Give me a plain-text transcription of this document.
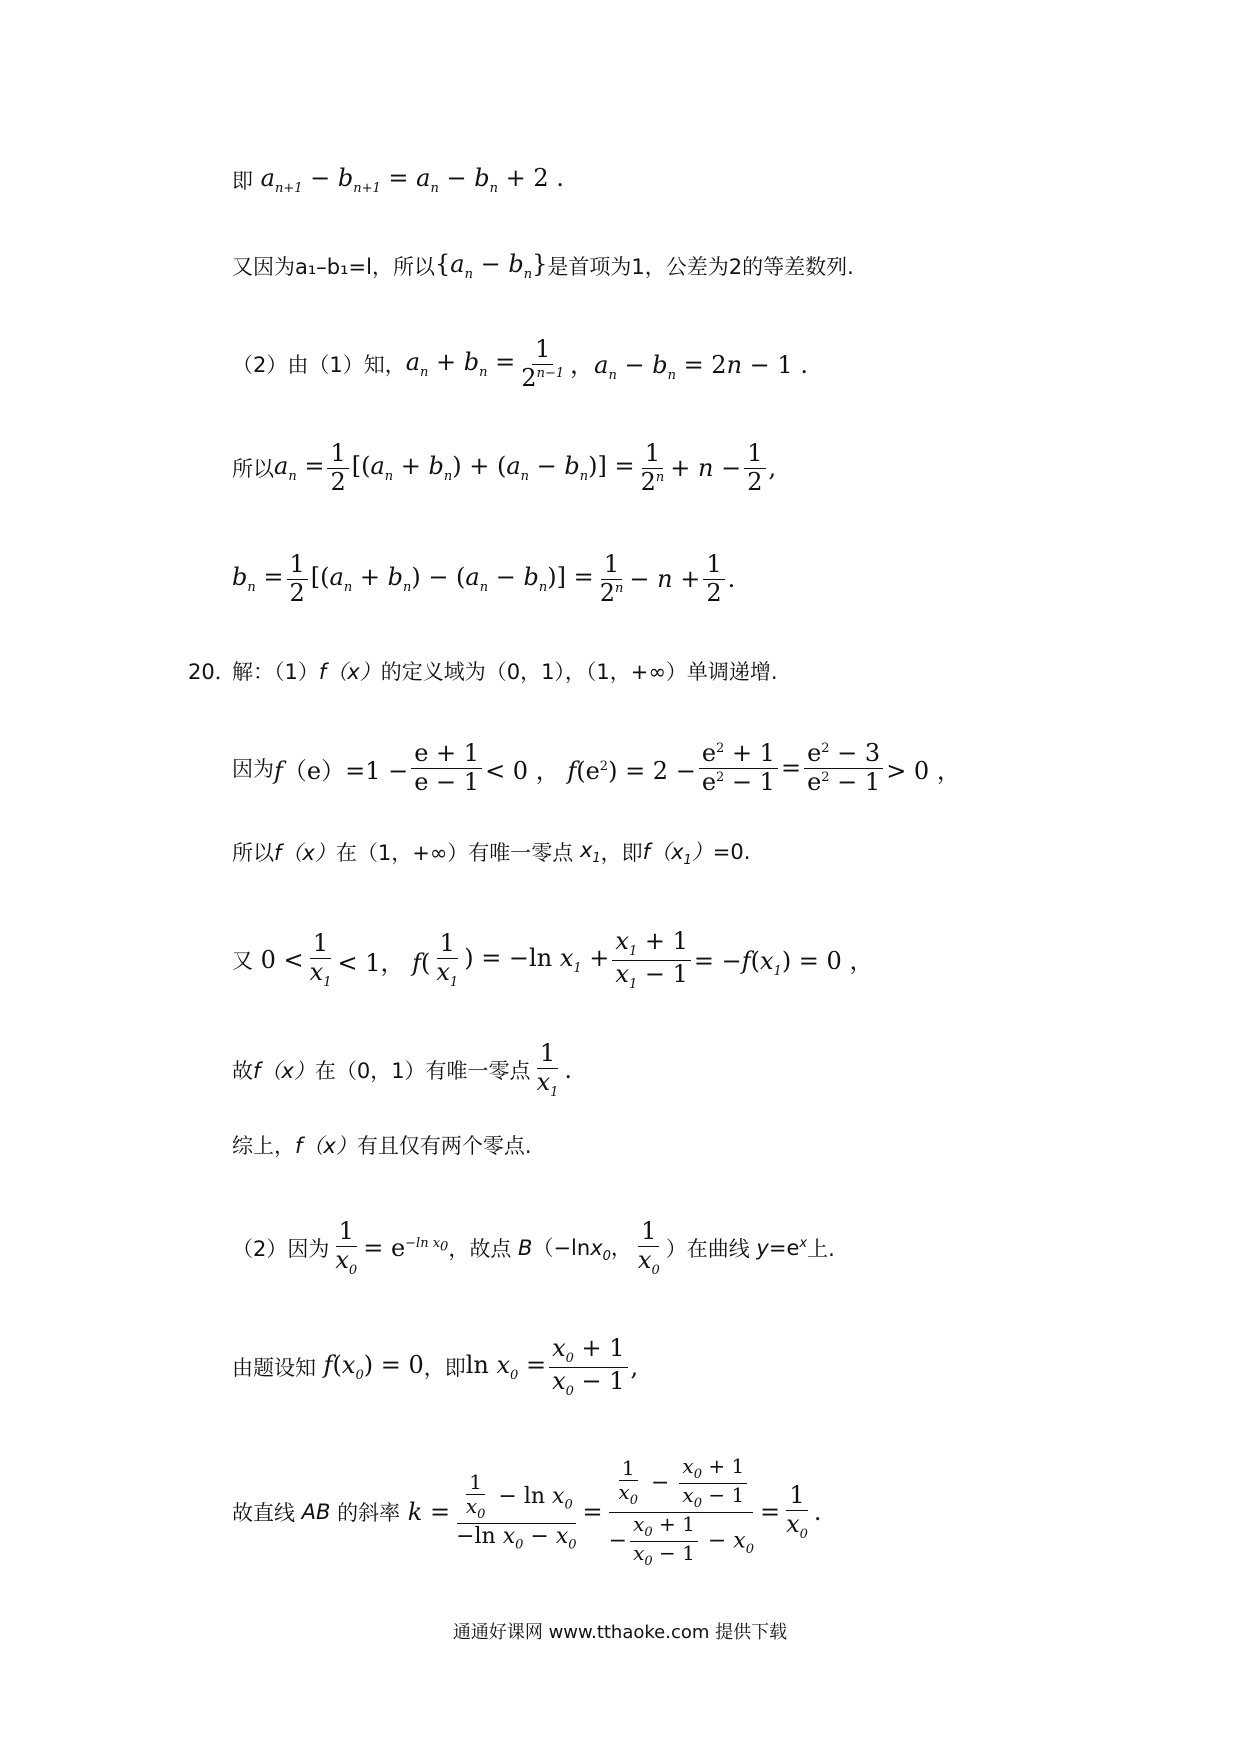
即 $a_{n+1} - b_{n+1} = a_n - b_n + 2$ .
又因为a₁–b₁=l，所以 $\{a_n - b_n\}$ 是首项为1，公差为2的等差数列.
（2）由（1）知， $a_n + b_n = \frac{1}{2^{n-1}}$ ，$a_n - b_n = 2n - 1$ .
所以 $a_n = \frac{1}{2} [(a_n + b_n) + (a_n - b_n)] = \frac{1}{2^n} + n - \frac{1}{2}$ ,
$b_n = \frac{1}{2} [(a_n + b_n) - (a_n - b_n)] = \frac{1}{2^n} - n + \frac{1}{2}$ .
20．
解：（1） f（x） 的定义域为（0，1），（1，+∞）单调递增.
因为 $f(e)=1 - \frac{e + 1}{e - 1} < 0$ ， $f(e^2) = 2 - \frac{e^2 + 1}{e^2 - 1} = \frac{e^2 - 3}{e^2 - 1} > 0$ ，
所以 f（x） 在（1，+∞）有唯一零点 $x_1$ ，即 $f(x_1) =0$.
又 $0 < \frac{1}{x_1} < 1$， $f( \frac{1}{x_1}$ ) = −ln $x_1 + \frac{x_1 + 1}{x_1 - 1} = -f(x_1) = 0$ ，
故 f（x） 在（0，1）有唯一零点 $\frac{1}{x_1}$ .
综上， f（x） 有且仅有两个零点.
（2）因为 $\frac{1}{x_0} = e^{-ln x_0}$ ，故点 B（−lnx$_0$， $\frac{1}{x_0}$ ） 在曲线 $y=e^x$ 上.
由题设知 $f(x_0) = 0$ ，即 $\ln x_0 = \frac{x_0 + 1}{x_0 - 1}$ ,
故直线 AB 的斜率 $k = \frac{\frac{1}{x_0} - \ln x_0}{-\ln x_0 - x_0} = \frac{\frac{1}{x_0} - \frac{x_0 + 1}{x_0 - 1}}{- \frac{x_0 + 1}{x_0 - 1} - x_0} = \frac{1}{x_0}$ .
通通好课网 www.tthaoke.com 提供下载
